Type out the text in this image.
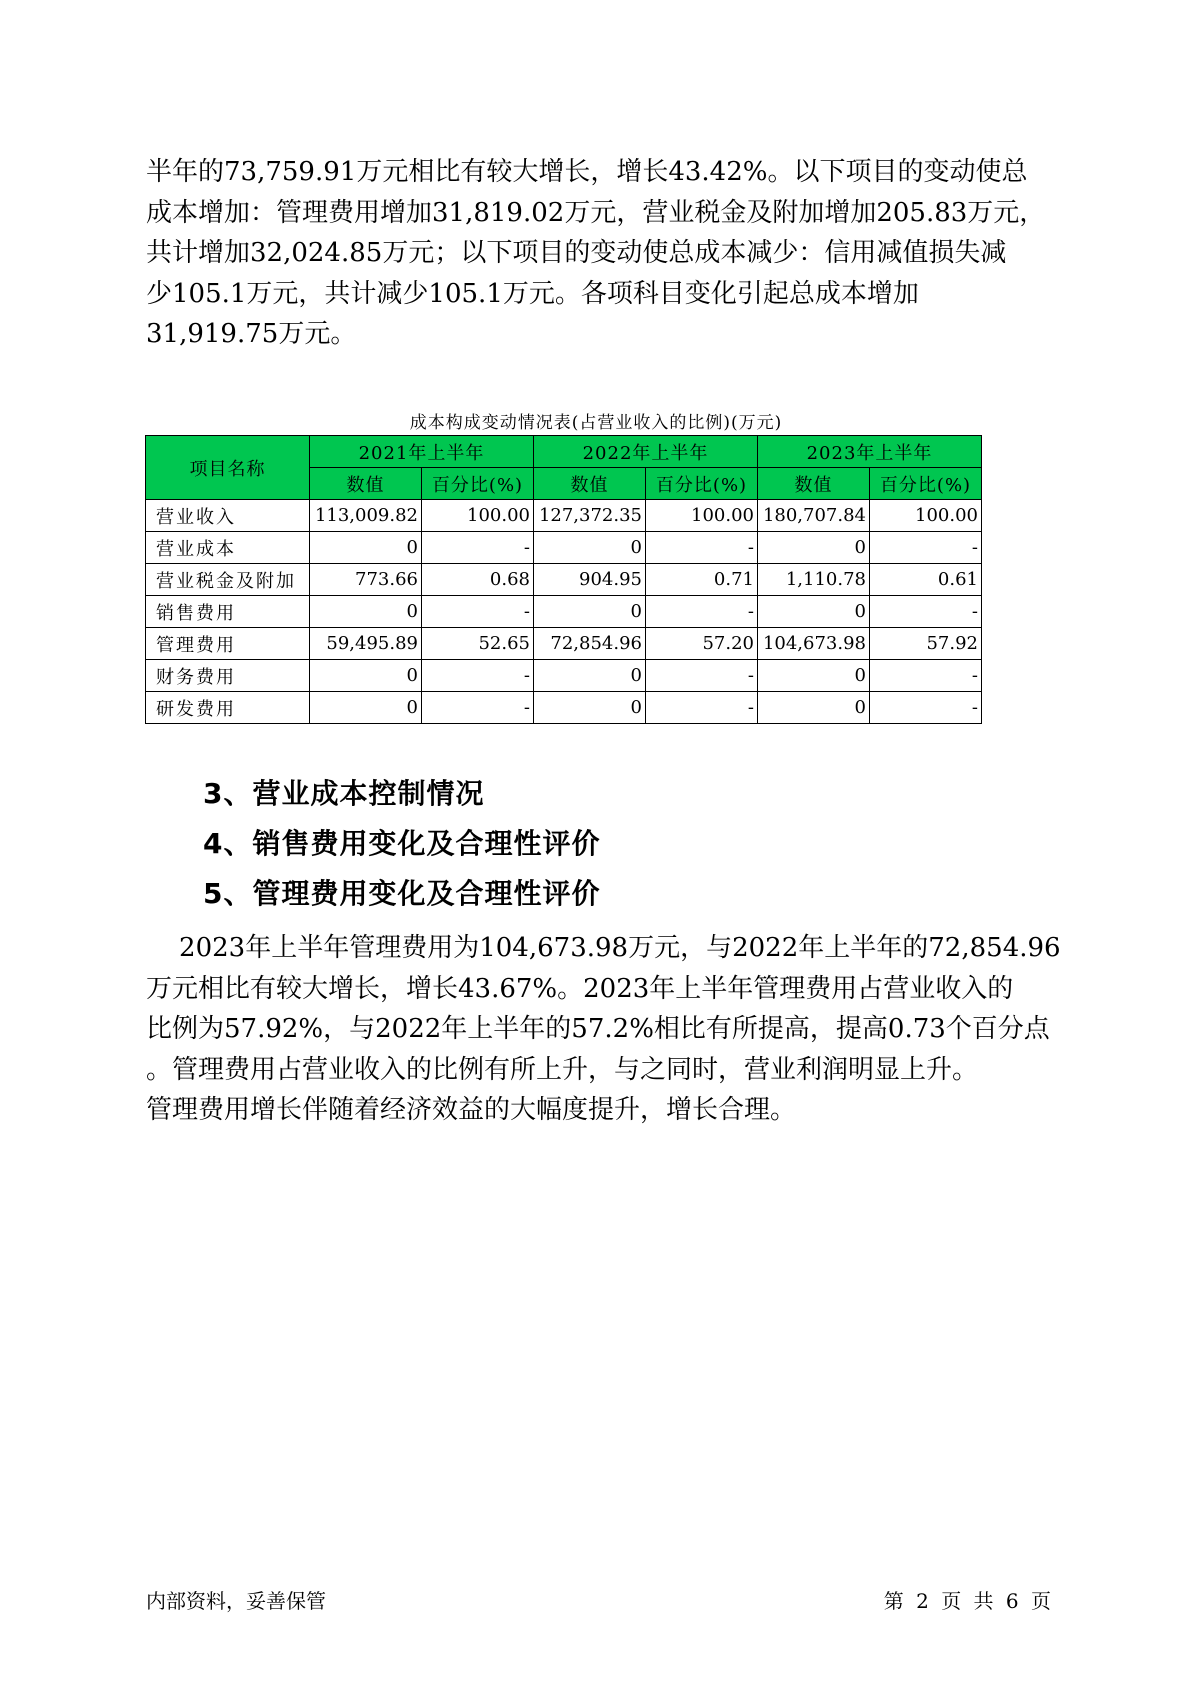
半年的73,759.91万元相比有较大增长，增长43.42%。以下项目的变动使总
成本增加：管理费用增加31,819.02万元，营业税金及附加增加205.83万元，
共计增加32,024.85万元；以下项目的变动使总成本减少：信用减值损失减
少105.1万元，共计减少105.1万元。各项科目变化引起总成本增加
31,919.75万元。
成本构成变动情况表(占营业收入的比例)(万元)
项目名称	2021年上半年		2022年上半年		2023年上半年	
	数值	百分比(%)	数值	百分比(%)	数值	百分比(%)
营业收入	113,009.82	100.00	127,372.35	100.00	180,707.84	100.00
营业成本	0	-	0	-	0	-
营业税金及附加	773.66	0.68	904.95	0.71	1,110.78	0.61
销售费用	0	-	0	-	0	-
管理费用	59,495.89	52.65	72,854.96	57.20	104,673.98	57.92
财务费用	0	-	0	-	0	-
研发费用	0	-	0	-	0	-
3、营业成本控制情况
4、销售费用变化及合理性评价
5、管理费用变化及合理性评价
2023年上半年管理费用为104,673.98万元，与2022年上半年的72,854.96
万元相比有较大增长，增长43.67%。2023年上半年管理费用占营业收入的
比例为57.92%，与2022年上半年的57.2%相比有所提高，提高0.73个百分点
。管理费用占营业收入的比例有所上升，与之同时，营业利润明显上升。
管理费用增长伴随着经济效益的大幅度提升，增长合理。
内部资料，妥善保管	第 2 页 共 6 页
